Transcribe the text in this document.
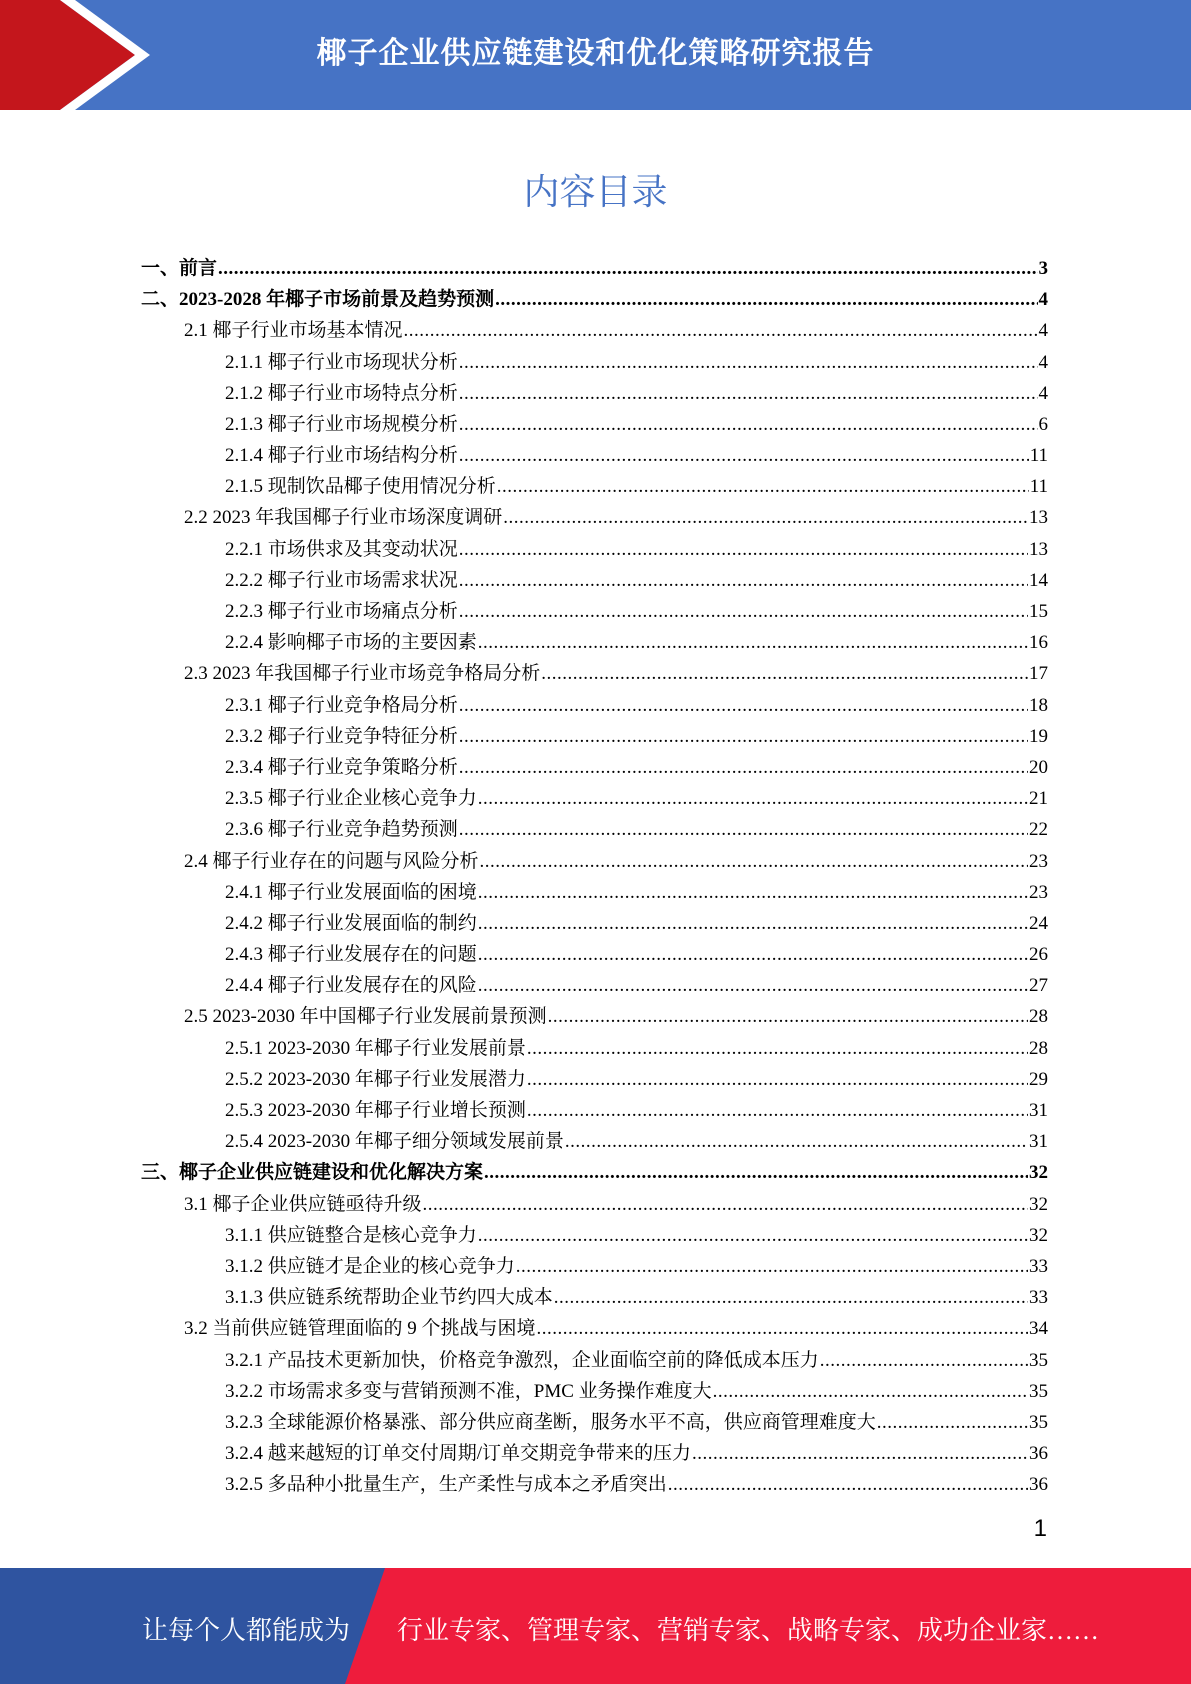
椰子企业供应链建设和优化策略研究报告
内容目录
一、前言 .....	3
二、2023-2028 年椰子市场前景及趋势预测 .....	4
2.1 椰子行业市场基本情况 .....	4
2.1.1 椰子行业市场现状分析 .....	4
2.1.2 椰子行业市场特点分析 .....	4
2.1.3 椰子行业市场规模分析 .....	6
2.1.4 椰子行业市场结构分析 .....	11
2.1.5 现制饮品椰子使用情况分析 .....	11
2.2 2023 年我国椰子行业市场深度调研 .....	13
2.2.1 市场供求及其变动状况 .....	13
2.2.2 椰子行业市场需求状况 .....	14
2.2.3 椰子行业市场痛点分析 .....	15
2.2.4 影响椰子市场的主要因素 .....	16
2.3 2023 年我国椰子行业市场竞争格局分析 .....	17
2.3.1 椰子行业竞争格局分析 .....	18
2.3.2 椰子行业竞争特征分析 .....	19
2.3.4 椰子行业竞争策略分析 .....	20
2.3.5 椰子行业企业核心竞争力 .....	21
2.3.6 椰子行业竞争趋势预测 .....	22
2.4 椰子行业存在的问题与风险分析 .....	23
2.4.1 椰子行业发展面临的困境 .....	23
2.4.2 椰子行业发展面临的制约 .....	24
2.4.3 椰子行业发展存在的问题 .....	26
2.4.4 椰子行业发展存在的风险 .....	27
2.5 2023-2030 年中国椰子行业发展前景预测 .....	28
2.5.1 2023-2030 年椰子行业发展前景 .....	28
2.5.2 2023-2030 年椰子行业发展潜力 .....	29
2.5.3 2023-2030 年椰子行业增长预测 .....	31
2.5.4 2023-2030 年椰子细分领域发展前景 .....	31
三、椰子企业供应链建设和优化解决方案 .....	32
3.1 椰子企业供应链亟待升级 .....	32
3.1.1 供应链整合是核心竞争力 .....	32
3.1.2 供应链才是企业的核心竞争力 .....	33
3.1.3 供应链系统帮助企业节约四大成本 .....	33
3.2 当前供应链管理面临的 9 个挑战与困境 .....	34
3.2.1 产品技术更新加快，价格竞争激烈，企业面临空前的降低成本压力 .....	35
3.2.2 市场需求多变与营销预测不准，PMC 业务操作难度大 .....	35
3.2.3 全球能源价格暴涨、部分供应商垄断，服务水平不高，供应商管理难度大 .....	35
3.2.4 越来越短的订单交付周期/订单交期竞争带来的压力 .....	36
3.2.5 多品种小批量生产，生产柔性与成本之矛盾突出 .....	36
1
让每个人都能成为 行业专家、管理专家、营销专家、战略专家、成功企业家……
